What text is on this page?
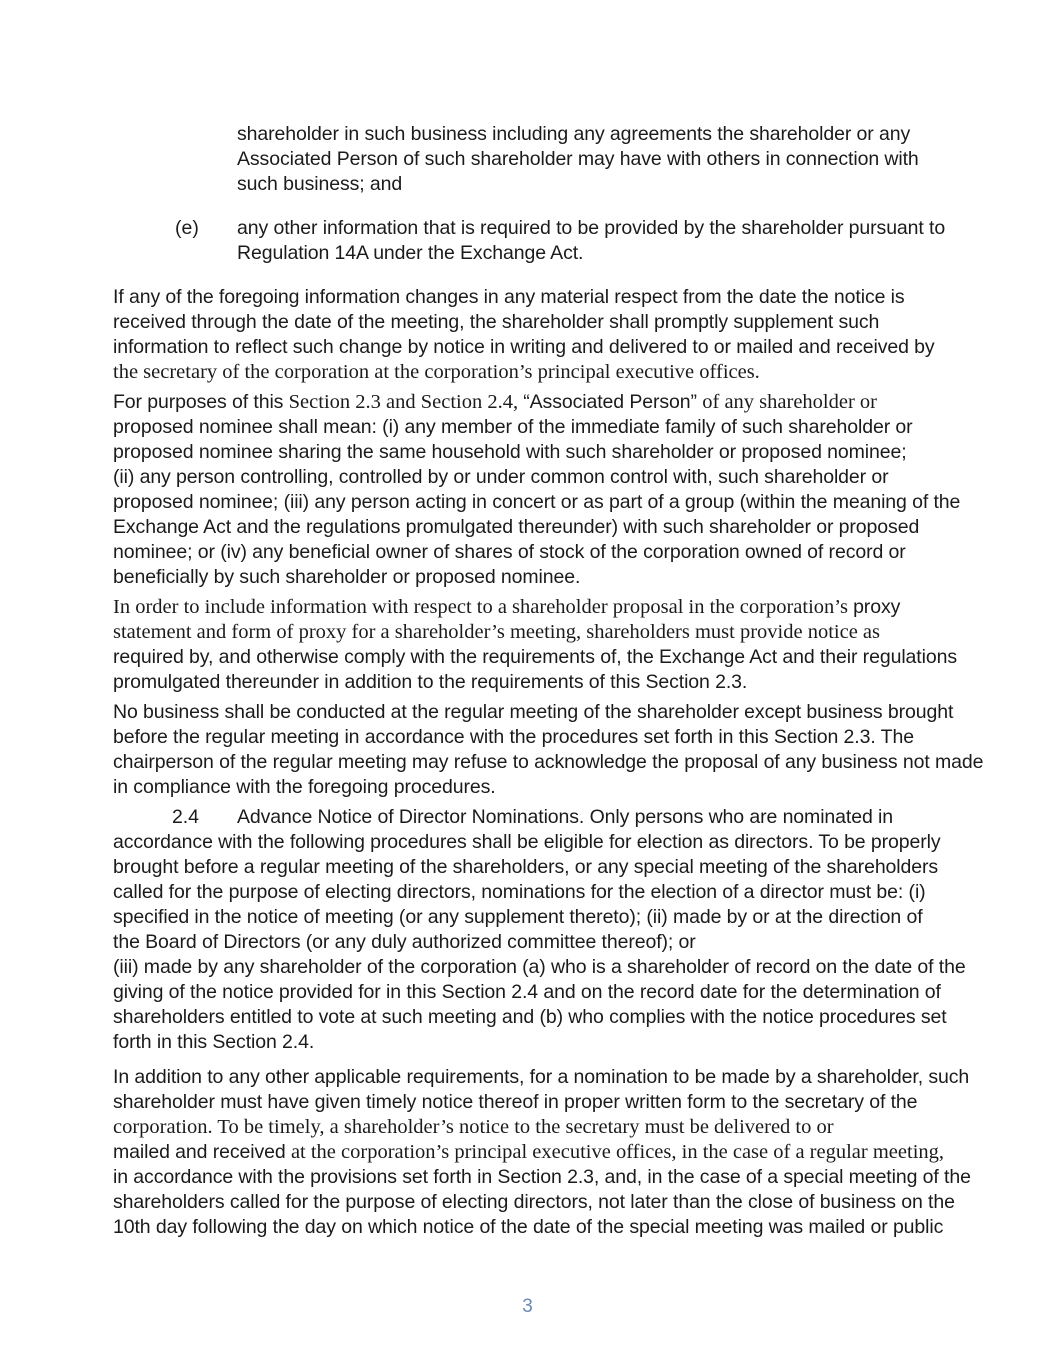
shareholder in such business including any agreements the shareholder or any
Associated Person of such shareholder may have with others in connection with
such business; and
(e) any other information that is required to be provided by the shareholder pursuant to
Regulation 14A under the Exchange Act.
If any of the foregoing information changes in any material respect from the date the notice is
received through the date of the meeting, the shareholder shall promptly supplement such
information to reflect such change by notice in writing and delivered to or mailed and received by
the secretary of the corporation at the corporation’s principal executive offices.
For purposes of this Section 2.3 and Section 2.4, “Associated Person” of any shareholder or
proposed nominee shall mean: (i) any member of the immediate family of such shareholder or
proposed nominee sharing the same household with such shareholder or proposed nominee;
(ii) any person controlling, controlled by or under common control with, such shareholder or
proposed nominee; (iii) any person acting in concert or as part of a group (within the meaning of the
Exchange Act and the regulations promulgated thereunder) with such shareholder or proposed
nominee; or (iv) any beneficial owner of shares of stock of the corporation owned of record or
beneficially by such shareholder or proposed nominee.
In order to include information with respect to a shareholder proposal in the corporation’s proxy
statement and form of proxy for a shareholder’s meeting, shareholders must provide notice as
required by, and otherwise comply with the requirements of, the Exchange Act and their regulations
promulgated thereunder in addition to the requirements of this Section 2.3.
No business shall be conducted at the regular meeting of the shareholder except business brought
before the regular meeting in accordance with the procedures set forth in this Section 2.3. The
chairperson of the regular meeting may refuse to acknowledge the proposal of any business not made
in compliance with the foregoing procedures.
2.4 Advance Notice of Director Nominations. Only persons who are nominated in
accordance with the following procedures shall be eligible for election as directors. To be properly
brought before a regular meeting of the shareholders, or any special meeting of the shareholders
called for the purpose of electing directors, nominations for the election of a director must be: (i)
specified in the notice of meeting (or any supplement thereto); (ii) made by or at the direction of
the Board of Directors (or any duly authorized committee thereof); or
(iii) made by any shareholder of the corporation (a) who is a shareholder of record on the date of the
giving of the notice provided for in this Section 2.4 and on the record date for the determination of
shareholders entitled to vote at such meeting and (b) who complies with the notice procedures set
forth in this Section 2.4.
In addition to any other applicable requirements, for a nomination to be made by a shareholder, such
shareholder must have given timely notice thereof in proper written form to the secretary of the
corporation. To be timely, a shareholder’s notice to the secretary must be delivered to or
mailed and received at the corporation’s principal executive offices, in the case of a regular meeting,
in accordance with the provisions set forth in Section 2.3, and, in the case of a special meeting of the
shareholders called for the purpose of electing directors, not later than the close of business on the
10th day following the day on which notice of the date of the special meeting was mailed or public
3
